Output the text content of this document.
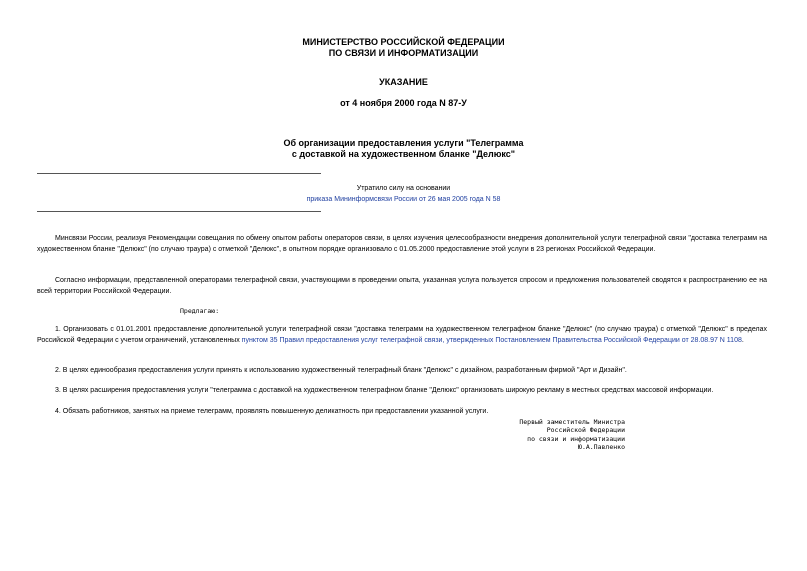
МИНИСТЕРСТВО РОССИЙСКОЙ ФЕДЕРАЦИИ
ПО СВЯЗИ И ИНФОРМАТИЗАЦИИ
УКАЗАНИЕ
от 4 ноября 2000 года N 87-У
Об организации предоставления услуги "Телеграмма
с доставкой на художественном бланке "Делюкс"
Утратило силу на основании
приказа Мининформсвязи России от 26 мая 2005 года N 58
Минсвязи России, реализуя Рекомендации совещания по обмену опытом работы операторов связи, в целях изучения целесообразности внедрения дополнительной услуги телеграфной связи "доставка телеграмм на художественном бланке "Делюкс" (по случаю траура) с отметкой "Делюкс", в опытном порядке организовало с 01.05.2000 предоставление этой услуги в 23 регионах Российской Федерации.
Согласно информации, представленной операторами телеграфной связи, участвующими в проведении опыта, указанная услуга пользуется спросом и предложения пользователей сводятся к распространению ее на всей территории Российской Федерации.
Предлагаю:
1. Организовать с 01.01.2001 предоставление дополнительной услуги телеграфной связи "доставка телеграмм на художественном телеграфном бланке "Делюкс" (по случаю траура) с отметкой "Делюкс" в пределах Российской Федерации с учетом ограничений, установленных пунктом 35 Правил предоставления услуг телеграфной связи, утвержденных Постановлением Правительства Российской Федерации от 28.08.97 N 1108.
2. В целях единообразия предоставления услуги принять к использованию художественный телеграфный бланк "Делюкс" с дизайном, разработанным фирмой "Арт и Дизайн".
3. В целях расширения предоставления услуги "телеграмма с доставкой на художественном телеграфном бланке "Делюкс" организовать широкую рекламу в местных средствах массовой информации.
4. Обязать работников, занятых на приеме телеграмм, проявлять повышенную деликатность при предоставлении указанной услуги.
Первый заместитель Министра
Российской Федерации
по связи и информатизации
Ю.А.Павленко
